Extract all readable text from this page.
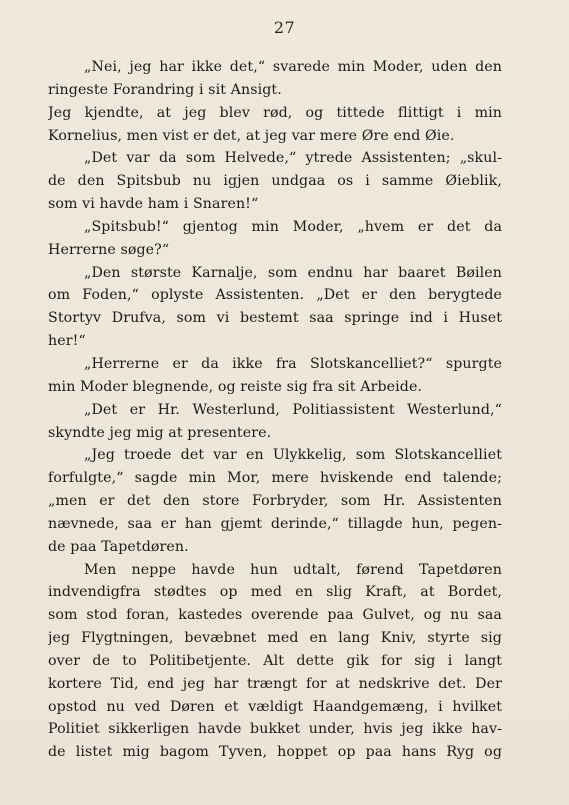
27
„Nei, jeg har ikke det,“ svarede min Moder, uden den
ringeste Forandring i sit Ansigt.
Jeg kjendte, at jeg blev rød, og tittede flittigt i min
Kornelius, men vist er det, at jeg var mere Øre end Øie.
„Det var da som Helvede,“ ytrede Assistenten; „skul-
de den Spitsbub nu igjen undgaa os i samme Øieblik,
som vi havde ham i Snaren!“
„Spitsbub!“ gjentog min Moder, „hvem er det da
Herrerne søge?“
„Den største Karnalje, som endnu har baaret Bøilen
om Foden,“ oplyste Assistenten. „Det er den berygtede
Stortyv Drufva, som vi bestemt saa springe ind i Huset
her!“
„Herrerne er da ikke fra Slotskancelliet?“ spurgte
min Moder blegnende, og reiste sig fra sit Arbeide.
„Det er Hr. Westerlund, Politiassistent Westerlund,“
skyndte jeg mig at presentere.
„Jeg troede det var en Ulykkelig, som Slotskancelliet
forfulgte,“ sagde min Mor, mere hviskende end talende;
„men er det den store Forbryder, som Hr. Assistenten
nævnede, saa er han gjemt derinde,“ tillagde hun, pegen-
de paa Tapetdøren.
Men neppe havde hun udtalt, førend Tapetdøren
indvendigfra stødtes op med en slig Kraft, at Bordet,
som stod foran, kastedes overende paa Gulvet, og nu saa
jeg Flygtningen, bevæbnet med en lang Kniv, styrte sig
over de to Politibetjente. Alt dette gik for sig i langt
kortere Tid, end jeg har trængt for at nedskrive det. Der
opstod nu ved Døren et vældigt Haandgemæng, i hvilket
Politiet sikkerligen havde bukket under, hvis jeg ikke hav-
de listet mig bagom Tyven, hoppet op paa hans Ryg og
